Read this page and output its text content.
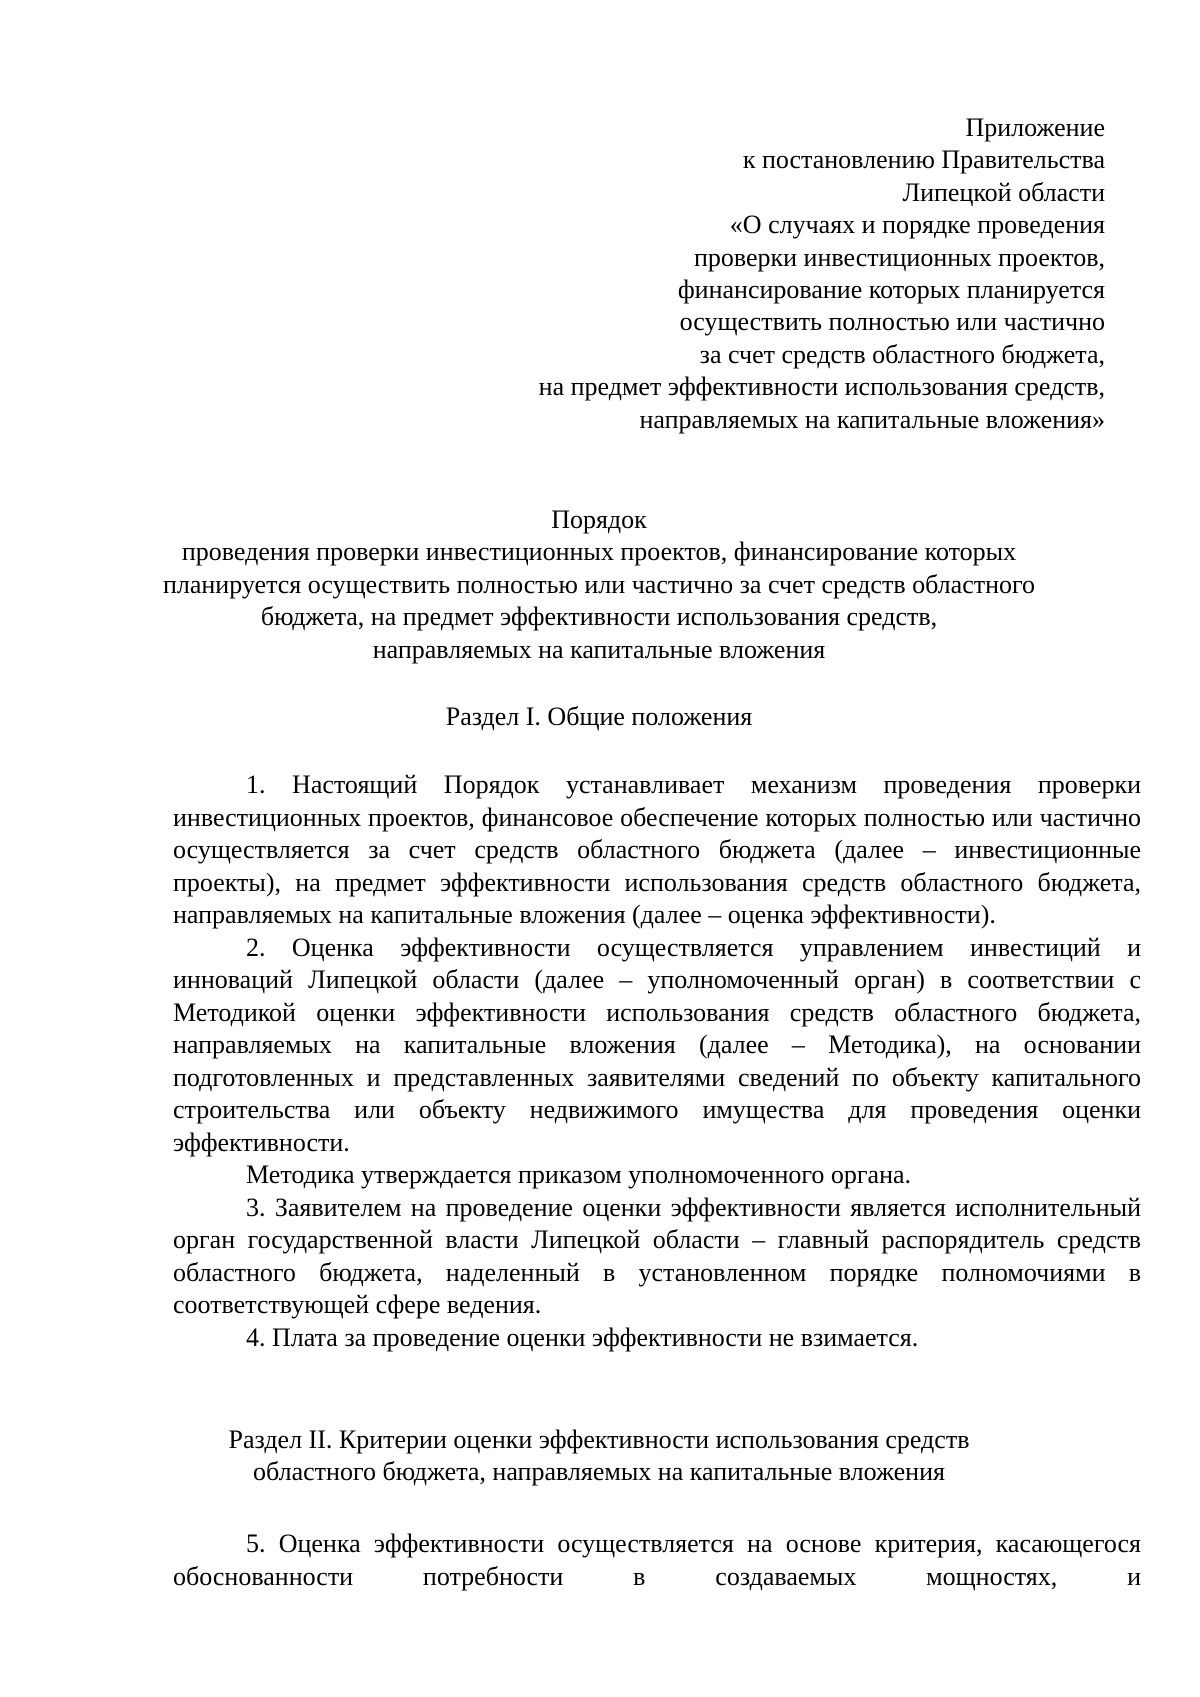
Приложение
к постановлению Правительства
Липецкой области
«О случаях и порядке проведения
проверки инвестиционных проектов,
финансирование которых планируется
осуществить полностью или частично
за счет средств областного бюджета,
на предмет эффективности использования средств,
направляемых на капитальные вложения»
Порядок
проведения проверки инвестиционных проектов, финансирование которых
планируется осуществить полностью или частично за счет средств областного
бюджета, на предмет эффективности использования средств,
направляемых на капитальные вложения
Раздел I. Общие положения

1. Настоящий Порядок устанавливает механизм проведения проверки инвестиционных проектов, финансовое обеспечение которых полностью или частично осуществляется за счет средств областного бюджета (далее – инвестиционные проекты), на предмет эффективности использования средств областного бюджета, направляемых на капитальные вложения (далее – оценка эффективности).

2. Оценка эффективности осуществляется управлением инвестиций и инноваций Липецкой области (далее – уполномоченный орган) в соответствии с Методикой оценки эффективности использования средств областного бюджета, направляемых на капитальные вложения (далее – Методика), на основании подготовленных и представленных заявителями сведений по объекту капитального строительства или объекту недвижимого имущества для проведения оценки эффективности.

Методика утверждается приказом уполномоченного органа.

3. Заявителем на проведение оценки эффективности является исполнительный орган государственной власти Липецкой области – главный распорядитель средств областного бюджета, наделенный в установленном порядке полномочиями в соответствующей сфере ведения.

4. Плата за проведение оценки эффективности не взимается.

Раздел II. Критерии оценки эффективности использования средств
областного бюджета, направляемых на капитальные вложения

5. Оценка эффективности осуществляется на основе критерия, касающегося обоснованности потребности в создаваемых мощностях, и
